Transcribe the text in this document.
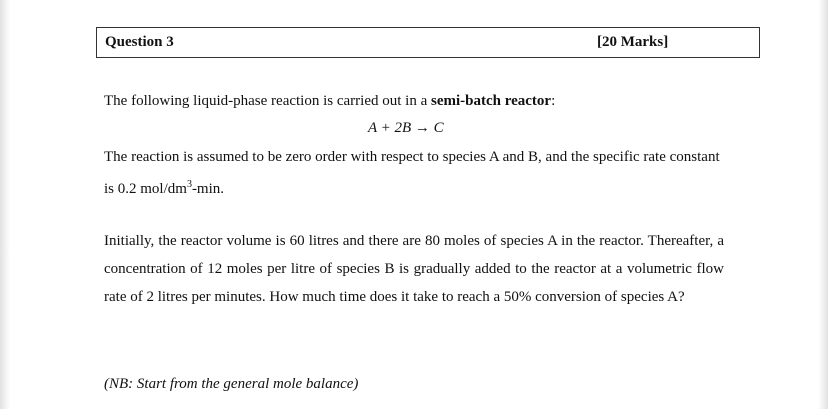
Question 3	[20 Marks]

The following liquid-phase reaction is carried out in a semi-batch reactor:

A + 2B → C

The reaction is assumed to be zero order with respect to species A and B, and the specific rate constant is 0.2 mol/$dm^3-\min$.

Initially, the reactor volume is 60 litres and there are 80 moles of species A in the reactor. Thereafter, a concentration of 12 moles per litre of species B is gradually added to the reactor at a volumetric flow rate of 2 litres per minutes. How much time does it take to reach a 50% conversion of species A?

(NB: Start from the general mole balance)
